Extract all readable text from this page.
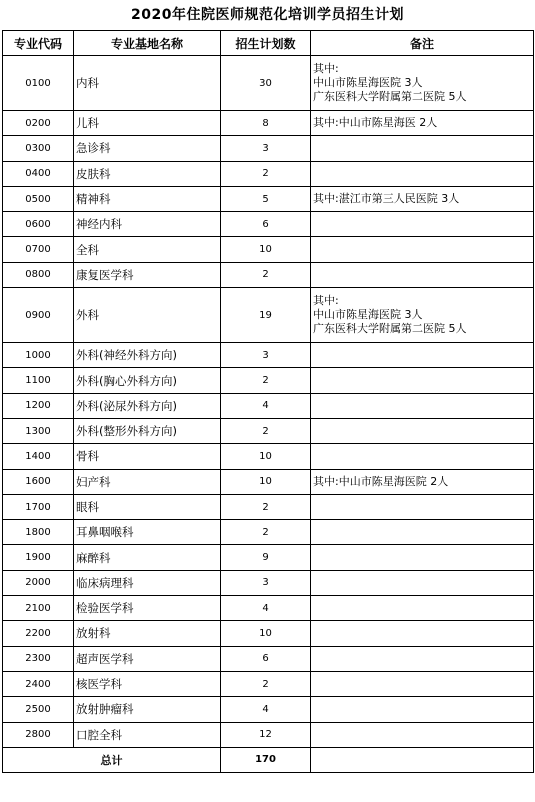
2020年住院医师规范化培训学员招生计划
专业代码	专业基地名称	招生计划数	备注
0100	内科	30	其中:
中山市陈星海医院 3人
广东医科大学附属第二医院 5人

0200	儿科	8	其中:中山市陈星海医 2人

0300	急诊科	3	
0400	皮肤科	2	
0500	精神科	5	其中:湛江市第三人民医院 3人

0600	神经内科	6	
0700	全科	10	
0800	康复医学科	2	
0900	外科	19	其中:
中山市陈星海医院 3人
广东医科大学附属第二医院 5人

1000	外科(神经外科方向)	3	
1100	外科(胸心外科方向)	2	
1200	外科(泌尿外科方向)	4	
1300	外科(整形外科方向)	2	
1400	骨科	10	
1600	妇产科	10	其中:中山市陈星海医院 2人

1700	眼科	2	
1800	耳鼻咽喉科	2	
1900	麻醉科	9	
2000	临床病理科	3	
2100	检验医学科	4	
2200	放射科	10	
2300	超声医学科	6	
2400	核医学科	2	
2500	放射肿瘤科	4	
2800	口腔全科	12	
总计		170	
